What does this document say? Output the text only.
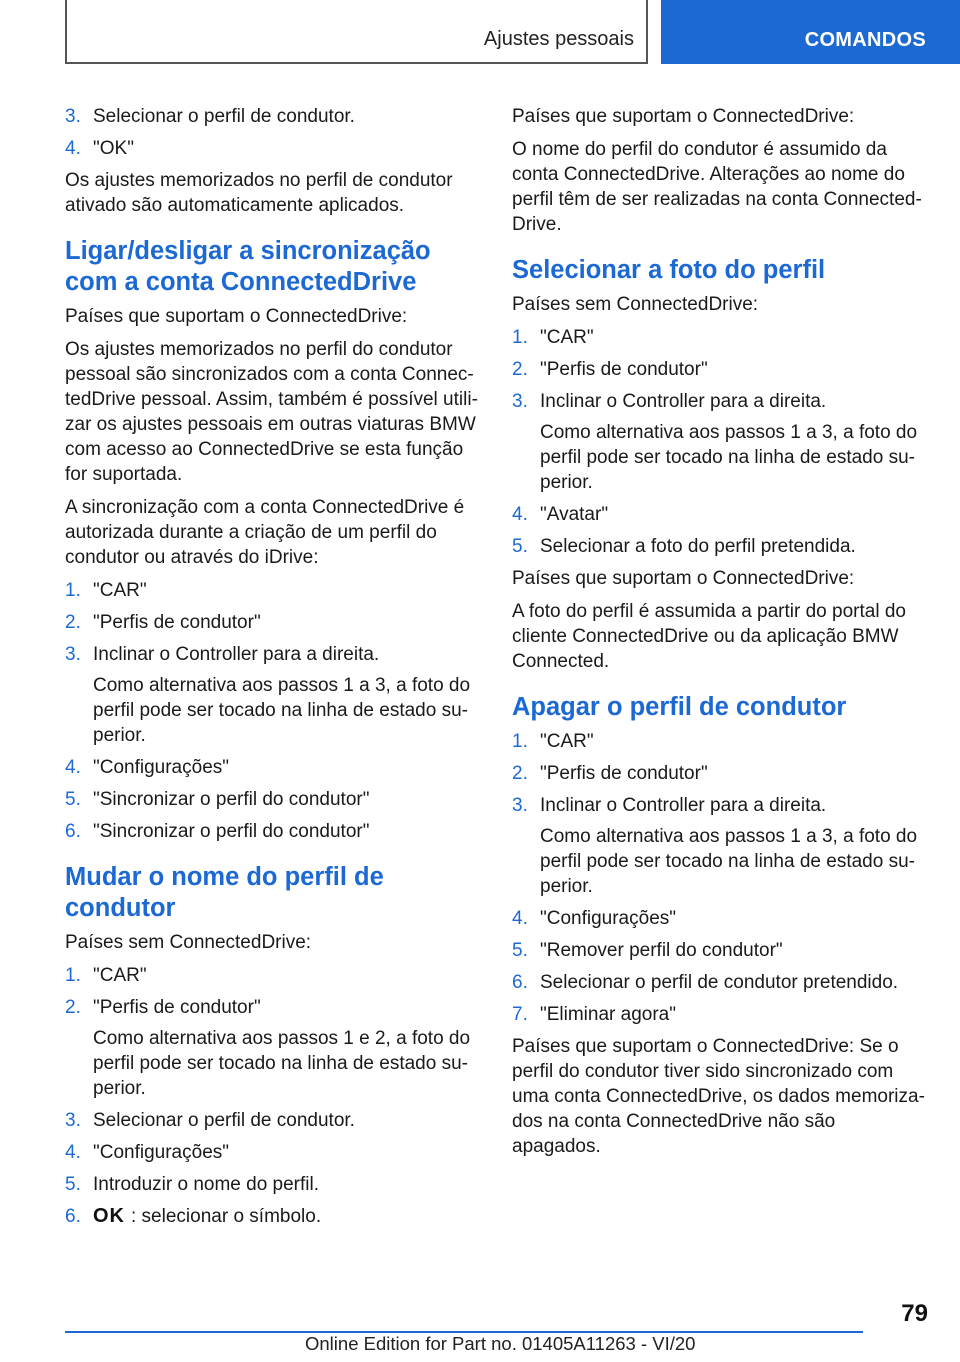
Ajustes pessoais	COMANDOS
3. Selecionar o perfil de condutor.
4. "OK"

Os ajustes memorizados no perfil de condutor ativado são automaticamente aplicados.

Ligar/desligar a sincronização com a conta ConnectedDrive

Países que suportam o ConnectedDrive:

Os ajustes memorizados no perfil do condutor pessoal são sincronizados com a conta ConnectedDrive pessoal. Assim, também é possível utilizar os ajustes pessoais em outras viaturas BMW com acesso ao ConnectedDrive se esta função for suportada.

A sincronização com a conta ConnectedDrive é autorizada durante a criação de um perfil do condutor ou através do iDrive:

1. "CAR"
2. "Perfis de condutor"
3. Inclinar o Controller para a direita.
Como alternativa aos passos 1 a 3, a foto do perfil pode ser tocado na linha de estado superior.
4. "Configurações"
5. "Sincronizar o perfil do condutor"
6. "Sincronizar o perfil do condutor"
Mudar o nome do perfil de condutor

Países sem ConnectedDrive:

1. "CAR"
2. "Perfis de condutor"
Como alternativa aos passos 1 e 2, a foto do perfil pode ser tocado na linha de estado superior.
3. Selecionar o perfil de condutor.
4. "Configurações"
5. Introduzir o nome do perfil.
6. OK : selecionar o símbolo.

Países que suportam o ConnectedDrive:

O nome do perfil do condutor é assumido da conta ConnectedDrive. Alterações ao nome do perfil têm de ser realizadas na conta ConnectedDrive.

Selecionar a foto do perfil

Países sem ConnectedDrive:

1. "CAR"
2. "Perfis de condutor"
3. Inclinar o Controller para a direita.
Como alternativa aos passos 1 a 3, a foto do perfil pode ser tocado na linha de estado superior.
4. "Avatar"
5. Selecionar a foto do perfil pretendida.

Países que suportam o ConnectedDrive:

A foto do perfil é assumida a partir do portal do cliente ConnectedDrive ou da aplicação BMW Connected.

Apagar o perfil de condutor
1. "CAR"
2. "Perfis de condutor"
3. Inclinar o Controller para a direita.
Como alternativa aos passos 1 a 3, a foto do perfil pode ser tocado na linha de estado superior.
4. "Configurações"
5. "Remover perfil do condutor"
6. Selecionar o perfil de condutor pretendido.
7. "Eliminar agora"

Países que suportam o ConnectedDrive: Se o perfil do condutor tiver sido sincronizado com uma conta ConnectedDrive, os dados memorizados na conta ConnectedDrive não são apagados.

79
Online Edition for Part no. 01405A11263 - VI/20
